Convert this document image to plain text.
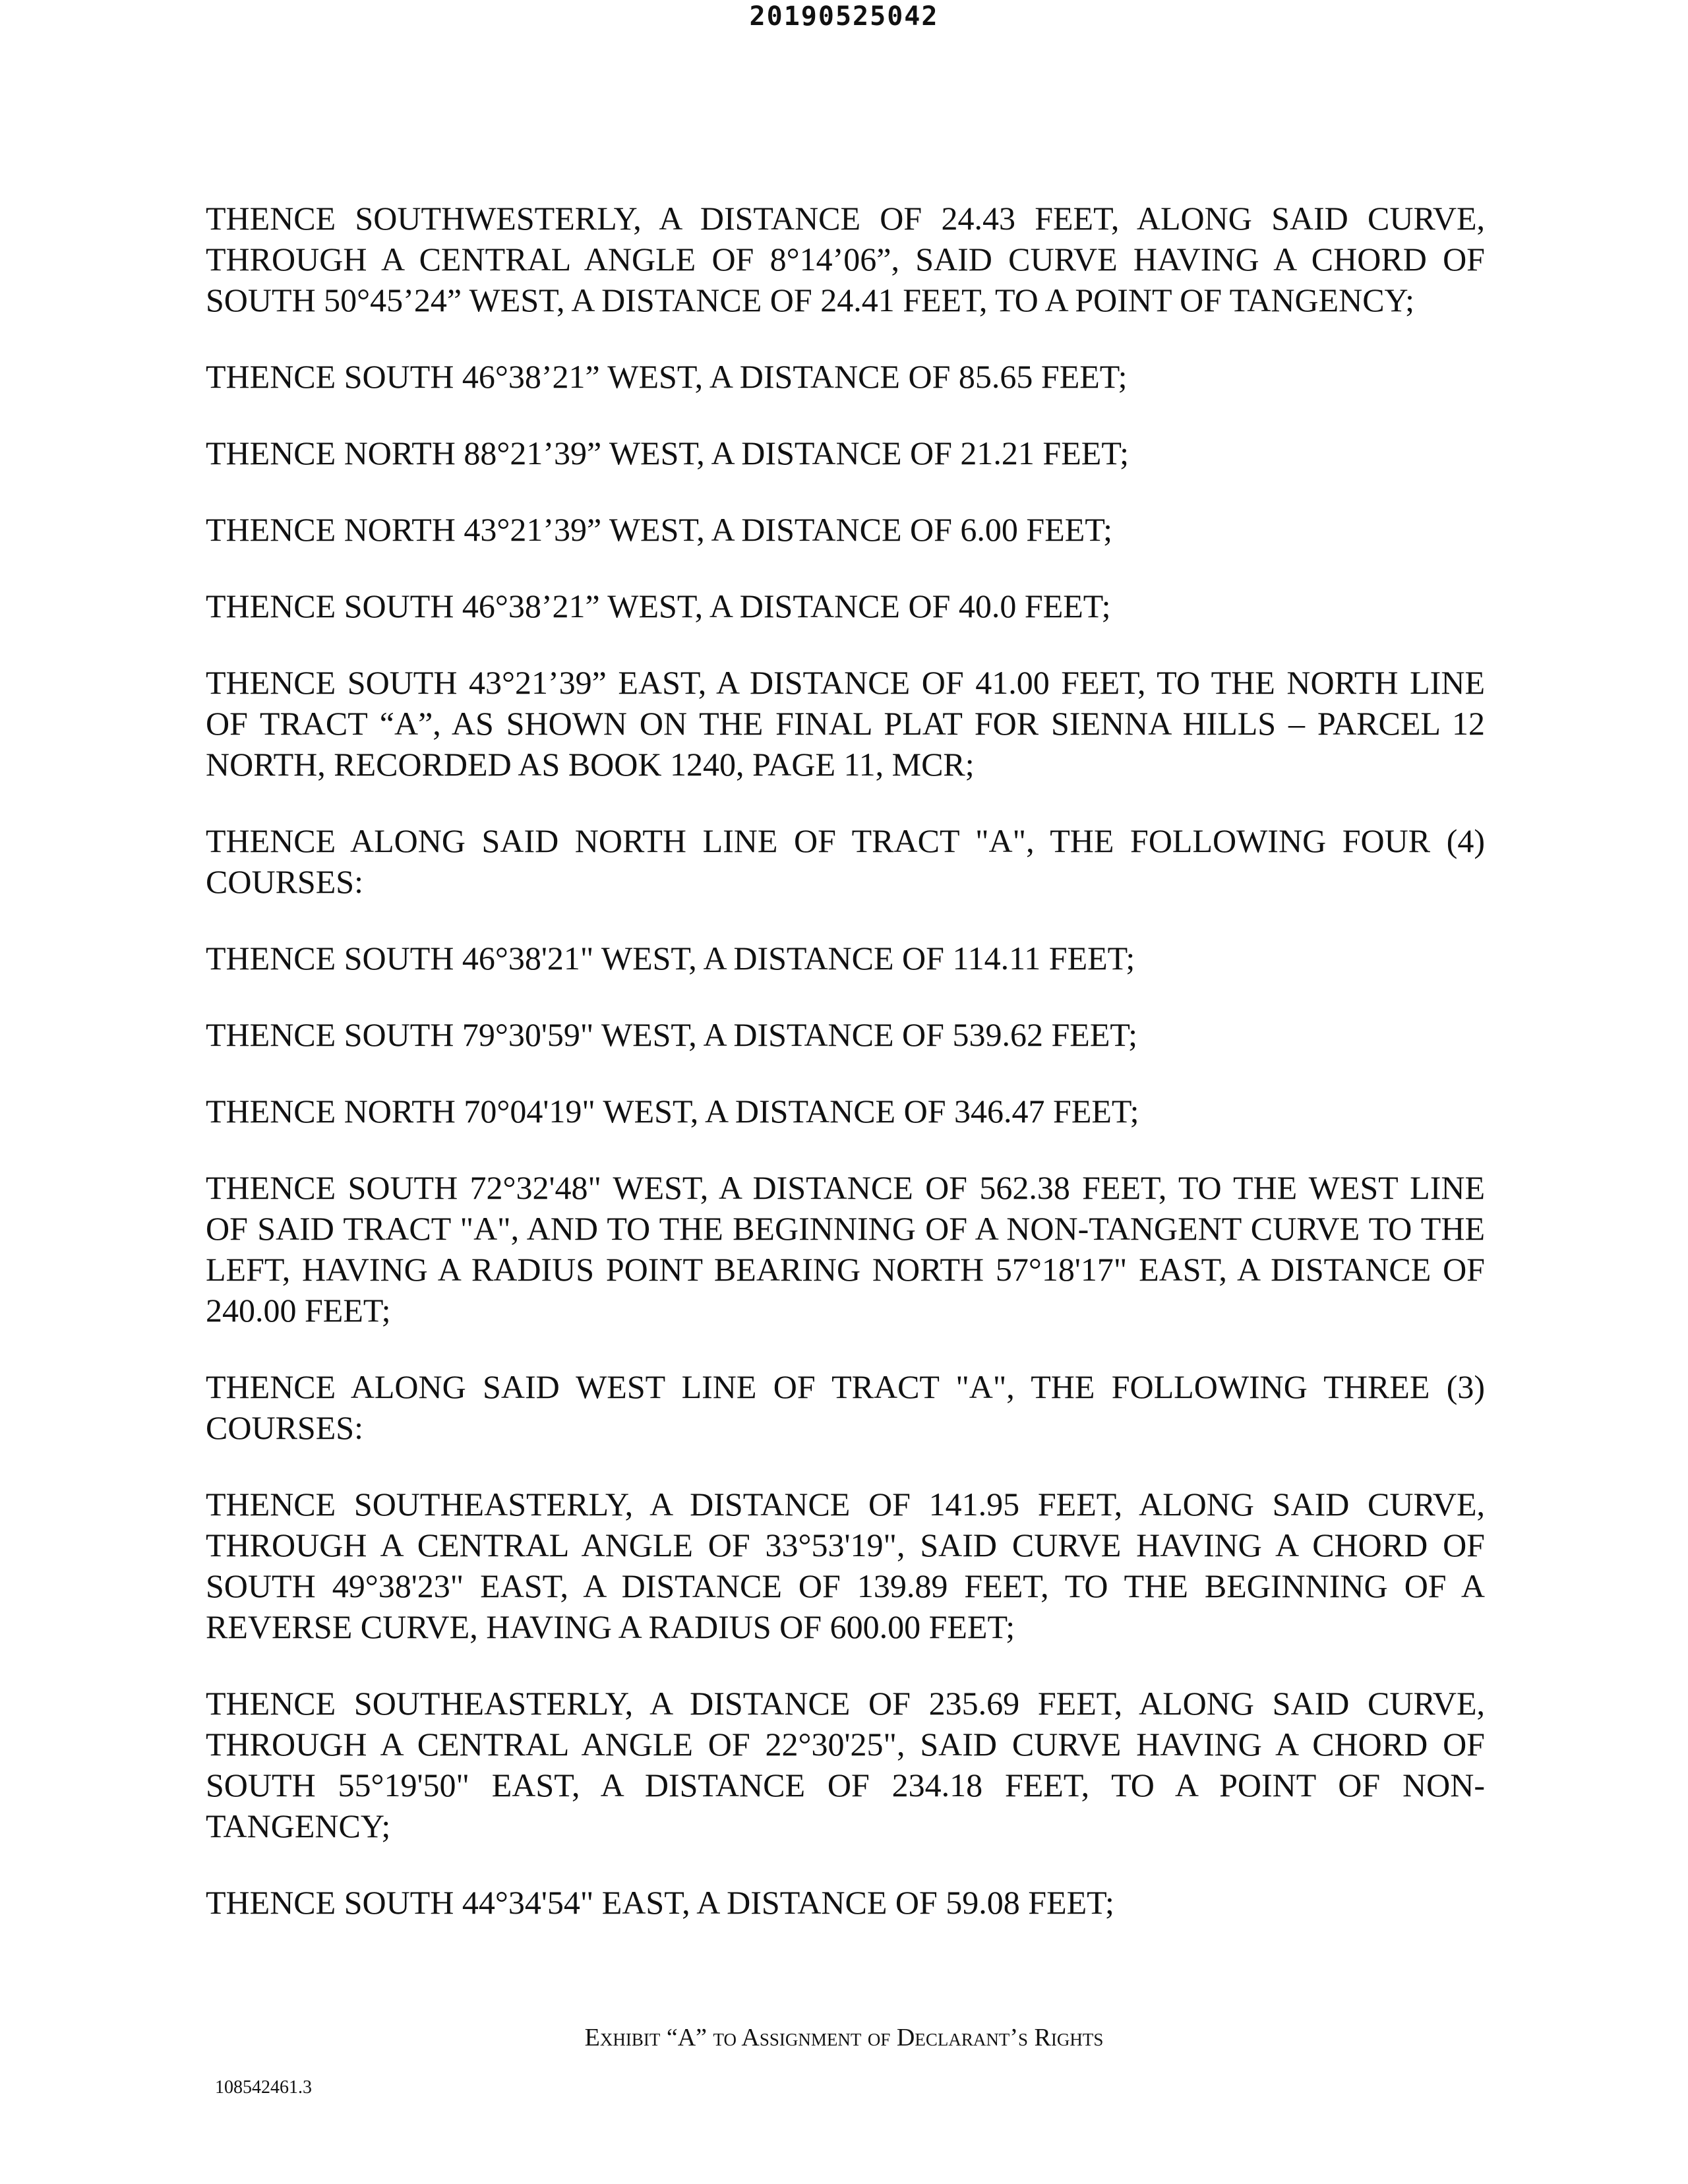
20190525042

THENCE SOUTHWESTERLY, A DISTANCE OF 24.43 FEET, ALONG SAID CURVE, THROUGH A CENTRAL ANGLE OF 8°14’06”, SAID CURVE HAVING A CHORD OF SOUTH 50°45’24” WEST, A DISTANCE OF 24.41 FEET, TO A POINT OF TANGENCY;

THENCE SOUTH 46°38’21” WEST, A DISTANCE OF 85.65 FEET;

THENCE NORTH 88°21’39” WEST, A DISTANCE OF 21.21 FEET;

THENCE NORTH 43°21’39” WEST, A DISTANCE OF 6.00 FEET;

THENCE SOUTH 46°38’21” WEST, A DISTANCE OF 40.0 FEET;

THENCE SOUTH 43°21’39” EAST, A DISTANCE OF 41.00 FEET, TO THE NORTH LINE OF TRACT “A”, AS SHOWN ON THE FINAL PLAT FOR SIENNA HILLS – PARCEL 12 NORTH, RECORDED AS BOOK 1240, PAGE 11, MCR;

THENCE ALONG SAID NORTH LINE OF TRACT "A", THE FOLLOWING FOUR (4) COURSES:

THENCE SOUTH 46°38'21" WEST, A DISTANCE OF 114.11 FEET;

THENCE SOUTH 79°30'59" WEST, A DISTANCE OF 539.62 FEET;

THENCE NORTH 70°04'19" WEST, A DISTANCE OF 346.47 FEET;

THENCE SOUTH 72°32'48" WEST, A DISTANCE OF 562.38 FEET, TO THE WEST LINE OF SAID TRACT "A", AND TO THE BEGINNING OF A NON-TANGENT CURVE TO THE LEFT, HAVING A RADIUS POINT BEARING NORTH 57°18'17" EAST, A DISTANCE OF 240.00 FEET;

THENCE ALONG SAID WEST LINE OF TRACT "A", THE FOLLOWING THREE (3) COURSES:

THENCE SOUTHEASTERLY, A DISTANCE OF 141.95 FEET, ALONG SAID CURVE, THROUGH A CENTRAL ANGLE OF 33°53'19", SAID CURVE HAVING A CHORD OF SOUTH 49°38'23" EAST, A DISTANCE OF 139.89 FEET, TO THE BEGINNING OF A REVERSE CURVE, HAVING A RADIUS OF 600.00 FEET;

THENCE SOUTHEASTERLY, A DISTANCE OF 235.69 FEET, ALONG SAID CURVE, THROUGH A CENTRAL ANGLE OF 22°30'25", SAID CURVE HAVING A CHORD OF SOUTH 55°19'50" EAST, A DISTANCE OF 234.18 FEET, TO A POINT OF NON-TANGENCY;

THENCE SOUTH 44°34'54" EAST, A DISTANCE OF 59.08 FEET;

Exhibit “A” to Assignment of Declarant’s Rights
108542461.3
